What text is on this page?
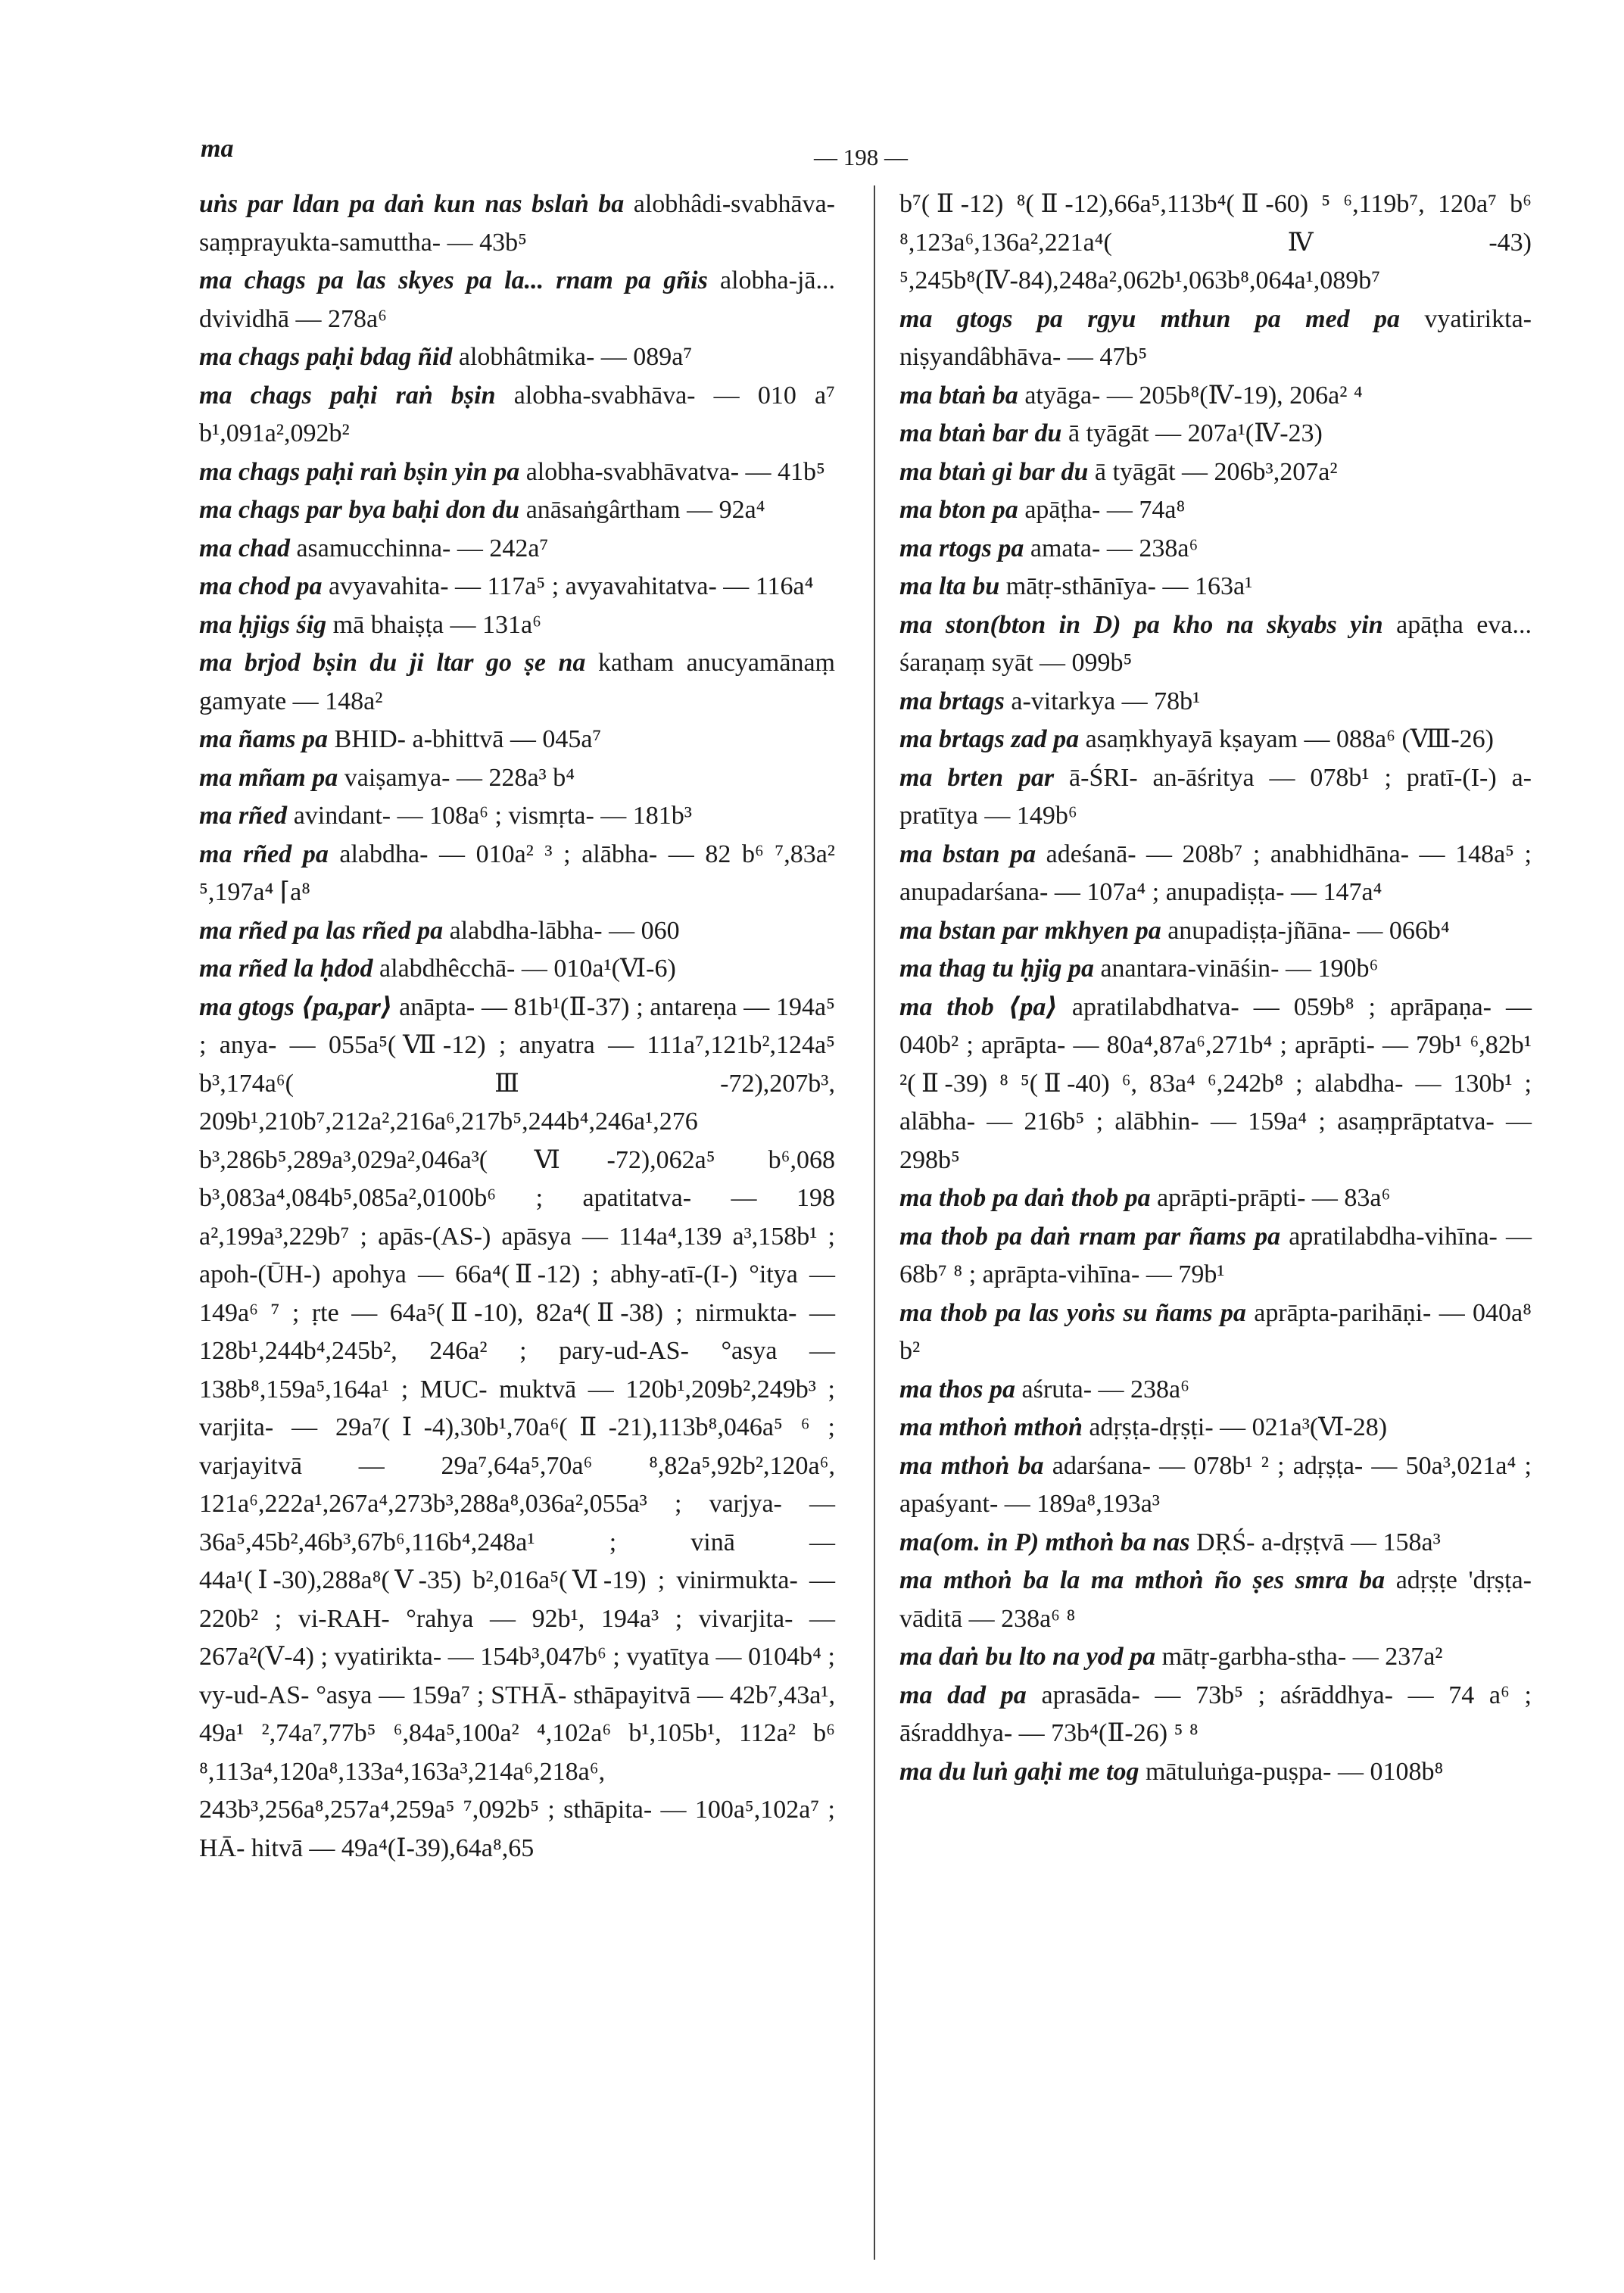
ma	— 198 —
uṅs par ldan pa daṅ kun nas bslaṅ ba alobhâdi-svabhāva-saṃprayukta-samuttha- — 43b⁵
ma chags pa las skyes pa la... rnam pa gñis alobha-jā... dvividhā — 278a⁶
ma chags paḥi bdag ñid alobhâtmika- — 089a⁷
ma chags paḥi raṅ bṣin alobha-svabhāva- — 010 a⁷ b¹,091a²,092b²
ma chags paḥi raṅ bṣin yin pa alobha-svabhāvatva- — 41b⁵
ma chags par bya baḥi don du anāsaṅgârtham — 92a⁴
ma chad asamucchinna- — 242a⁷
ma chod pa avyavahita- — 117a⁵ ; avyavahitatva- — 116a⁴
ma ḥjigs śig mā bhaiṣṭa — 131a⁶
ma brjod bṣin du ji ltar go ṣe na katham anucyamānaṃ gamyate — 148a²
ma ñams pa BHID- a-bhittvā — 045a⁷
ma mñam pa vaiṣamya- — 228a³ b⁴
ma rñed avindant- — 108a⁶ ; vismṛta- — 181b³
ma rñed pa alabdha- — 010a² ³ ; alābha- — 82 b⁶ ⁷,83a² ⁵,197a⁴ ⌈a⁸
ma rñed pa las rñed pa alabdha-lābha- — 060
ma rñed la ḥdod alabdhêcchā- — 010a¹(Ⅵ-6)
ma gtogs ⟨pa,par⟩ anāpta- — 81b¹(Ⅱ-37) ; antareṇa — 194a⁵ ; anya- — 055a⁵(Ⅶ-12) ; anyatra — 111a⁷,121b²,124a⁵ b³,174a⁶(Ⅲ-72),207b³, 209b¹,210b⁷,212a²,216a⁶,217b⁵,244b⁴,246a¹,276 b³,286b⁵,289a³,029a²,046a³(Ⅵ-72),062a⁵ b⁶,068 b³,083a⁴,084b⁵,085a²,0100b⁶ ; apatitatva- — 198 a²,199a³,229b⁷ ; apās-(AS-) apāsya — 114a⁴,139 a³,158b¹ ; apoh-(ŪH-) apohya — 66a⁴(Ⅱ-12) ; abhy-atī-(I-) °itya — 149a⁶ ⁷ ; ṛte — 64a⁵(Ⅱ-10), 82a⁴(Ⅱ-38) ; nirmukta- — 128b¹,244b⁴,245b², 246a² ; pary-ud-AS- °asya — 138b⁸,159a⁵,164a¹ ; MUC- muktvā — 120b¹,209b²,249b³ ; varjita- — 29a⁷(Ⅰ-4),30b¹,70a⁶(Ⅱ-21),113b⁸,046a⁵ ⁶ ; varjayitvā — 29a⁷,64a⁵,70a⁶ ⁸,82a⁵,92b²,120a⁶, 121a⁶,222a¹,267a⁴,273b³,288a⁸,036a²,055a³ ; varjya- — 36a⁵,45b²,46b³,67b⁶,116b⁴,248a¹ ; vinā — 44a¹(Ⅰ-30),288a⁸(Ⅴ-35) b²,016a⁵(Ⅵ-19) ; vinirmukta- — 220b² ; vi-RAH- °rahya — 92b¹, 194a³ ; vivarjita- — 267a²(Ⅴ-4) ; vyatirikta- — 154b³,047b⁶ ; vyatītya — 0104b⁴ ; vy-ud-AS- °asya — 159a⁷ ; STHĀ- sthāpayitvā — 42b⁷,43a¹, 49a¹ ²,74a⁷,77b⁵ ⁶,84a⁵,100a² ⁴,102a⁶ b¹,105b¹, 112a² b⁶ ⁸,113a⁴,120a⁸,133a⁴,163a³,214a⁶,218a⁶, 243b³,256a⁸,257a⁴,259a⁵ ⁷,092b⁵ ; sthāpita- — 100a⁵,102a⁷ ; HĀ- hitvā — 49a⁴(Ⅰ-39),64a⁸,65
b⁷(Ⅱ-12) ⁸(Ⅱ-12),66a⁵,113b⁴(Ⅱ-60) ⁵ ⁶,119b⁷, 120a⁷ b⁶ ⁸,123a⁶,136a²,221a⁴(Ⅳ-43) ⁵,245b⁸(Ⅳ-84),248a²,062b¹,063b⁸,064a¹,089b⁷
ma gtogs pa rgyu mthun pa med pa vyatirikta-niṣyandâbhāva- — 47b⁵
ma btaṅ ba atyāga- — 205b⁸(Ⅳ-19), 206a² ⁴
ma btaṅ bar du ā tyāgāt — 207a¹(Ⅳ-23)
ma btaṅ gi bar du ā tyāgāt — 206b³,207a²
ma bton pa apāṭha- — 74a⁸
ma rtogs pa amata- — 238a⁶
ma lta bu mātṛ-sthānīya- — 163a¹
ma ston(bton in D) pa kho na skyabs yin apāṭha eva... śaraṇaṃ syāt — 099b⁵
ma brtags a-vitarkya — 78b¹
ma brtags zad pa asaṃkhyayā kṣayam — 088a⁶ (Ⅷ-26)
ma brten par ā-ŚRI- an-āśritya — 078b¹ ; pratī-(I-) a-pratītya — 149b⁶
ma bstan pa adeśanā- — 208b⁷ ; anabhidhāna- — 148a⁵ ; anupadarśana- — 107a⁴ ; anupadiṣṭa- — 147a⁴
ma bstan par mkhyen pa anupadiṣṭa-jñāna- — 066b⁴
ma thag tu ḥjig pa anantara-vināśin- — 190b⁶
ma thob ⟨pa⟩ apratilabdhatva- — 059b⁸ ; aprāpaṇa- — 040b² ; aprāpta- — 80a⁴,87a⁶,271b⁴ ; aprāpti- — 79b¹ ⁶,82b¹ ²(Ⅱ-39) ⁸ ⁵(Ⅱ-40) ⁶, 83a⁴ ⁶,242b⁸ ; alabdha- — 130b¹ ; alābha- — 216b⁵ ; alābhin- — 159a⁴ ; asaṃprāptatva- — 298b⁵
ma thob pa daṅ thob pa aprāpti-prāpti- — 83a⁶
ma thob pa daṅ rnam par ñams pa apratilabdha-vihīna- — 68b⁷ ⁸ ; aprāpta-vihīna- — 79b¹
ma thob pa las yoṅs su ñams pa aprāpta-parihāṇi- — 040a⁸ b²
ma thos pa aśruta- — 238a⁶
ma mthoṅ mthoṅ adṛṣṭa-dṛṣṭi- — 021a³(Ⅵ-28)
ma mthoṅ ba adarśana- — 078b¹ ² ; adṛṣṭa- — 50a³,021a⁴ ; apaśyant- — 189a⁸,193a³
ma(om. in P) mthoṅ ba nas DṚŚ- a-dṛṣṭvā — 158a³
ma mthoṅ ba la ma mthoṅ ño ṣes smra ba adṛṣṭe 'dṛṣṭa-vāditā — 238a⁶ ⁸
ma daṅ bu lto na yod pa mātṛ-garbha-stha- — 237a²
ma dad pa aprasāda- — 73b⁵ ; aśrāddhya- — 74 a⁶ ; āśraddhya- — 73b⁴(Ⅱ-26) ⁵ ⁸
ma du luṅ gaḥi me tog mātuluṅga-puṣpa- — 0108b⁸
